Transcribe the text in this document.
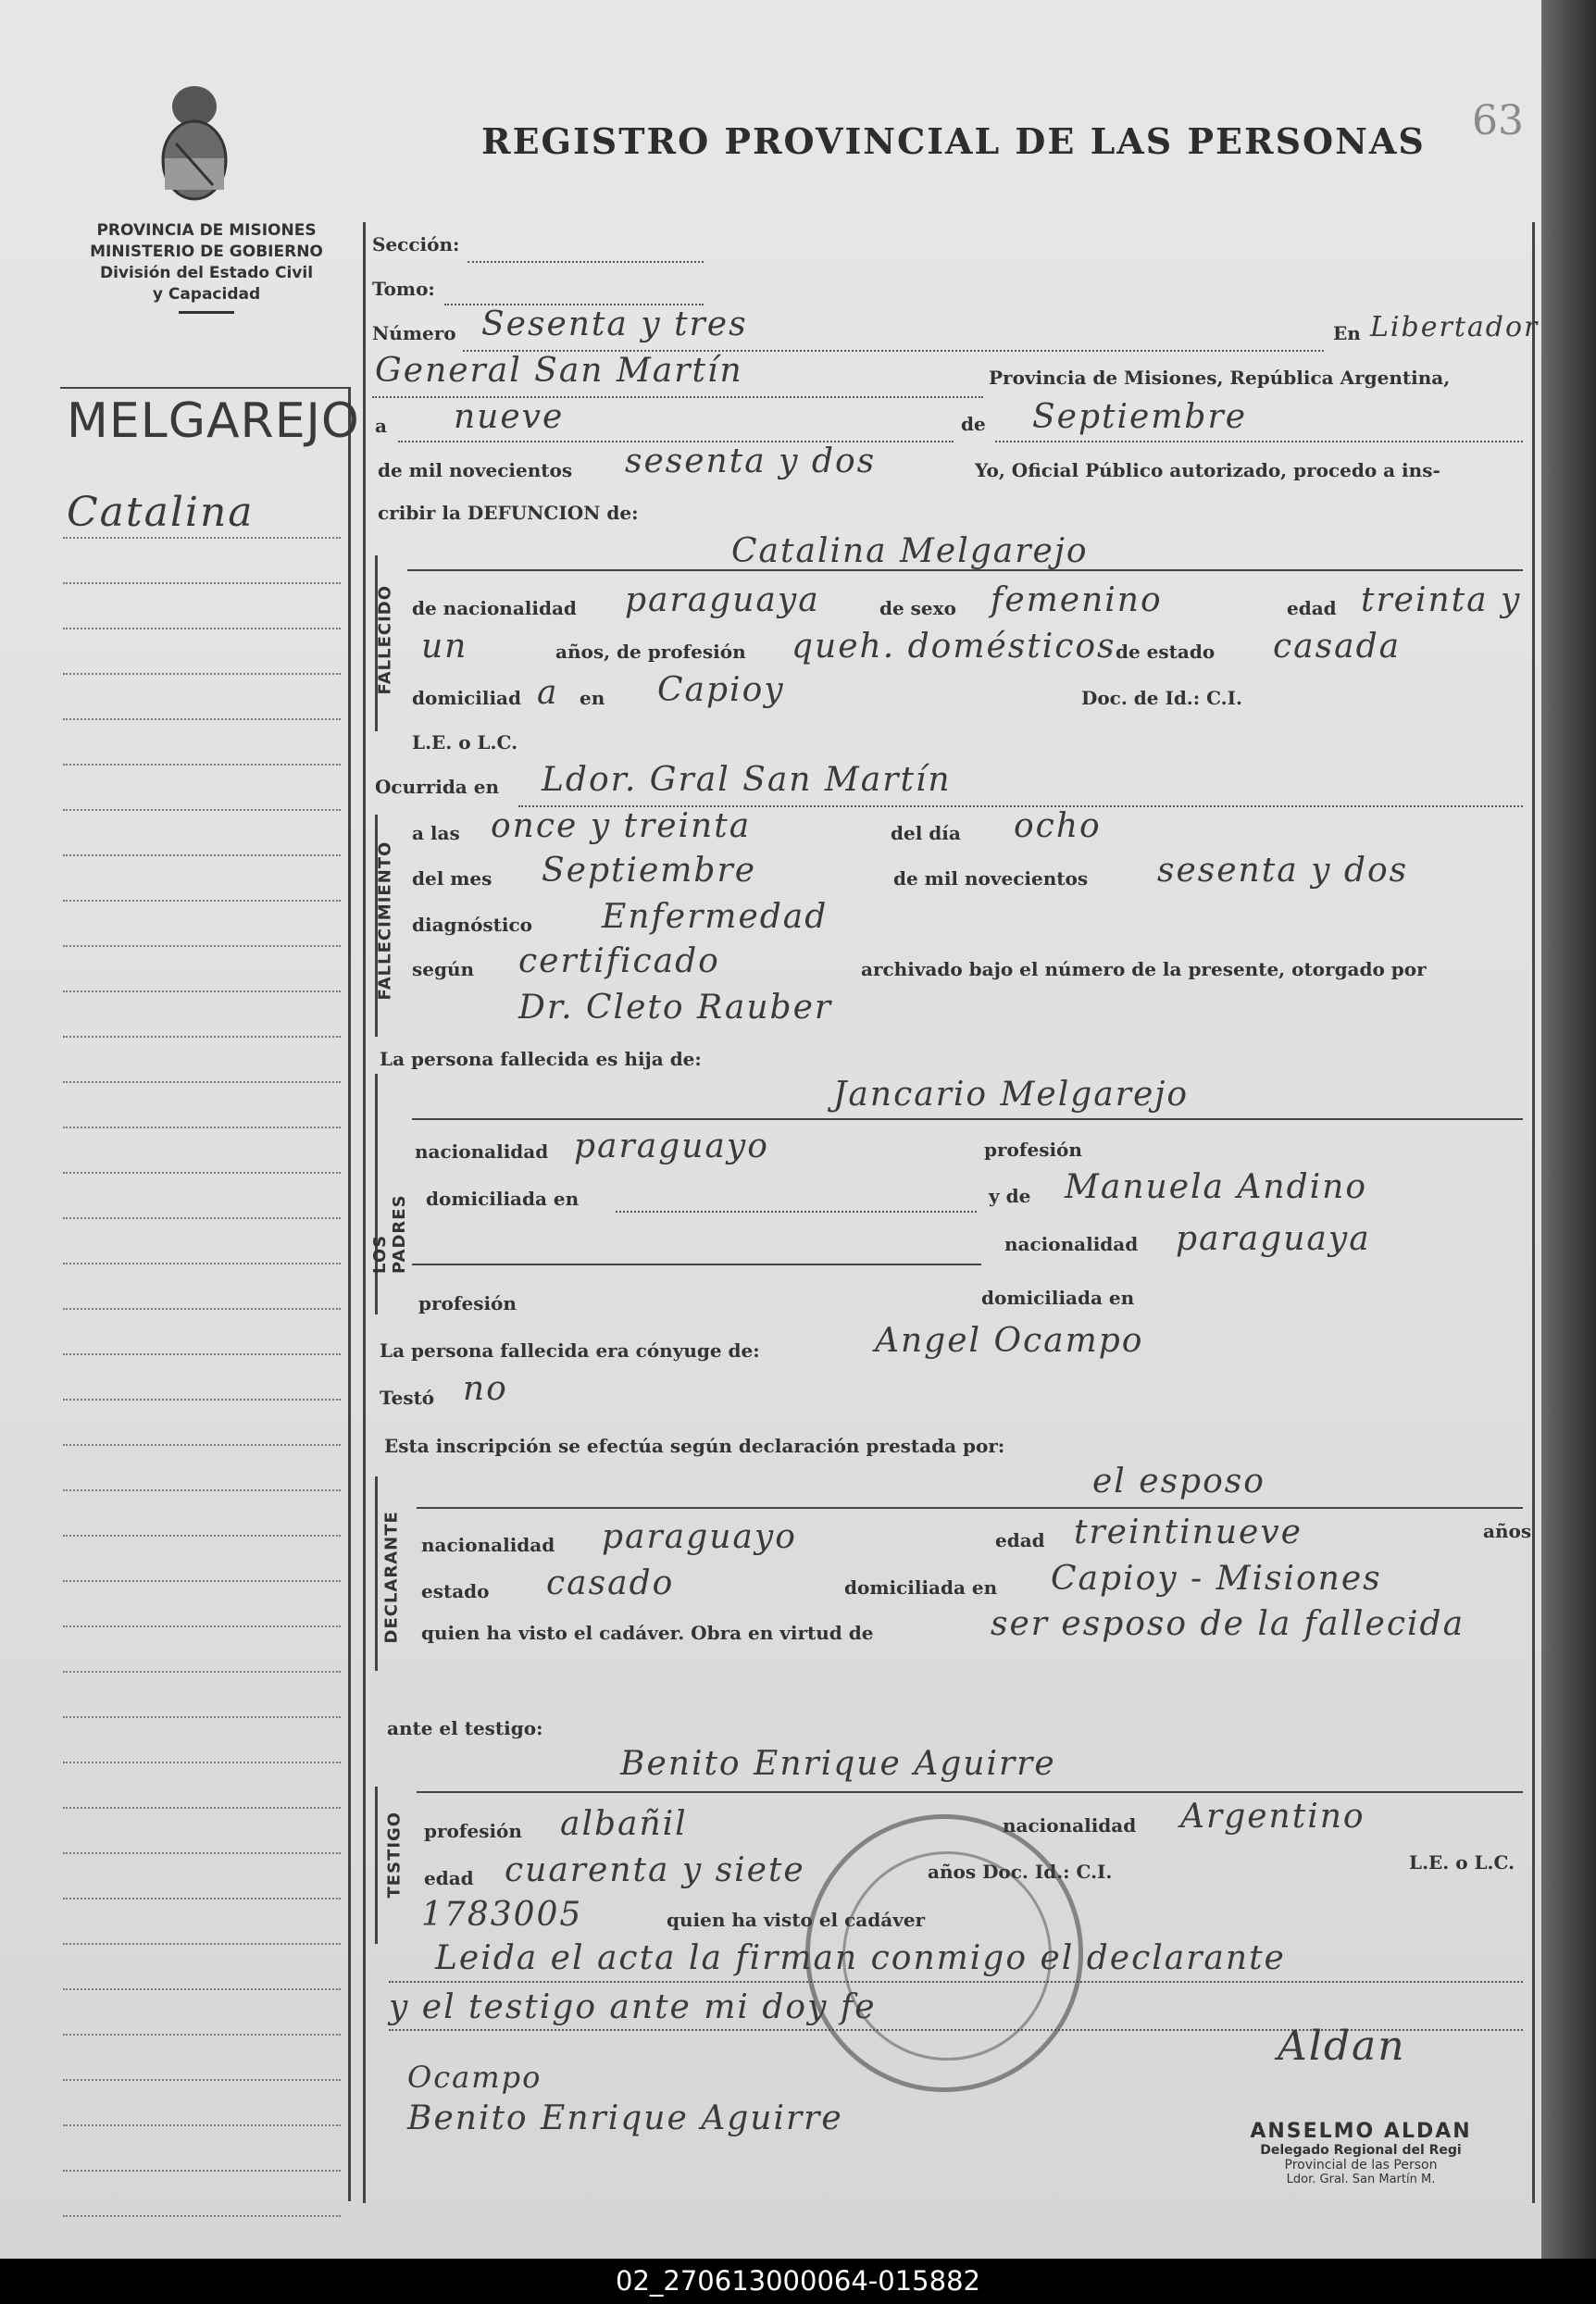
PROVINCIA DE MISIONES
MINISTERIO DE GOBIERNO
División del Estado Civil
y Capacidad
REGISTRO PROVINCIAL DE LAS PERSONAS 63
MELGAREJO
Catalina
Sección:
Tomo:
Número Sesenta y tres	En Libertador
General San Martín	Provincia de Misiones, República Argentina,
a nueve	de Septiembre
de mil novecientos sesenta y dos	Yo, Oficial Público autorizado, procedo a ins-
cribir la DEFUNCION de:
FALLECIDO
Catalina Melgarejo
de nacionalidad paraguaya	de sexo femenino	edad treinta y
un	años, de profesión queh. domésticos de estado casada
domiciliad a en Capioy	Doc. de Id.: C.I.
L.E. o L.C.
Ocurrida en Ldor. Gral San Martín
FALLECIMIENTO
a las once y treinta	del día ocho
del mes Septiembre	de mil novecientos sesenta y dos
diagnóstico Enfermedad
según certificado	archivado bajo el número de la presente, otorgado por
Dr. Cleto Rauber
La persona fallecida es hija de:
LOS PADRES
Jancario Melgarejo
nacionalidad paraguayo	profesión
domiciliada en	y de Manuela Andino
nacionalidad paraguaya
profesión	domiciliada en
La persona fallecida era cónyuge de:	Angel Ocampo
Testó no
Esta inscripción se efectúa según declaración prestada por:
DECLARANTE
el esposo
nacionalidad paraguayo	edad treintinueve	años
estado casado	domiciliada en Capioy - Misiones
quien ha visto el cadáver. Obra en virtud de	ser esposo de la fallecida
ante el testigo:
TESTIGO
Benito Enrique Aguirre
profesión albañil	nacionalidad Argentino
edad cuarenta y siete	años Doc. Id.: C.I.	L.E. o L.C.
1783005	quien ha visto el cadáver
Leida el acta la firman conmigo el declarante
y el testigo ante mi doy fe
Ocampo
Benito Enrique Aguirre
Aldan
ANSELMO ALDAN
Delegado Regional del Regi
Provincial de las Person
Ldor. Gral. San Martín M.
02_270613000064-015882
